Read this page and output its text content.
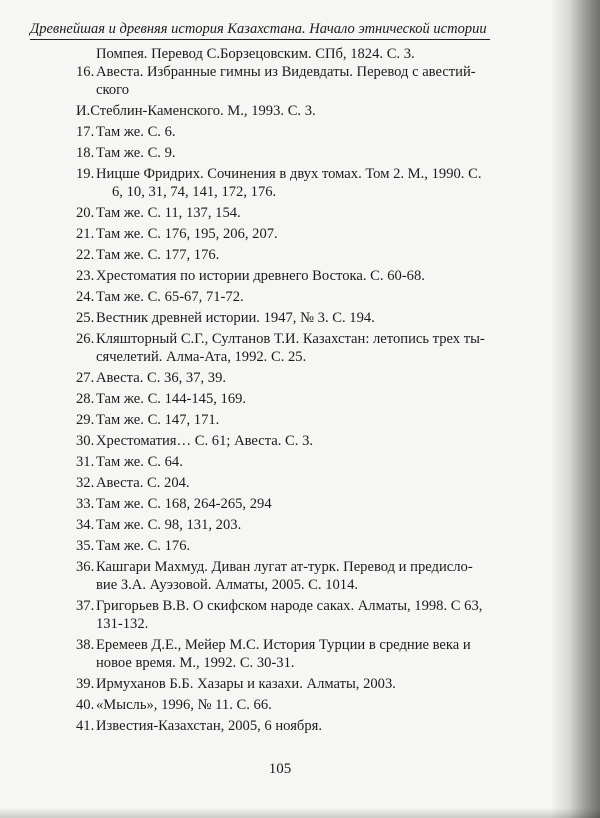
Древнейшая и древняя история Казахстана. Начало этнической истории
Помпея. Перевод С.Борзецовским. СПб, 1824. С. 3.
16. Авеста. Избранные гимны из Видевдаты. Перевод с авестий-
ского
И.Стеблин-Каменского. М., 1993. С. 3.
17. Там же. С. 6.
18. Там же. С. 9.
19. Ницше Фридрих. Сочинения в двух томах. Том 2. М., 1990. С.
6, 10, 31, 74, 141, 172, 176.
20. Там же. С. 11, 137, 154.
21. Там же. С. 176, 195, 206, 207.
22. Там же. С. 177, 176.
23. Хрестоматия по истории древнего Востока. С. 60-68.
24. Там же. С. 65-67, 71-72.
25. Вестник древней истории. 1947, № 3. С. 194.
26. Кляшторный С.Г., Султанов Т.И. Казахстан: летопись трех ты-
сячелетий. Алма-Ата, 1992. С. 25.
27. Авеста. С. 36, 37, 39.
28. Там же. С. 144-145, 169.
29. Там же. С. 147, 171.
30. Хрестоматия… С. 61; Авеста. С. 3.
31. Там же. С. 64.
32. Авеста. С. 204.
33. Там же. С. 168, 264-265, 294
34. Там же. С. 98, 131, 203.
35. Там же. С. 176.
36. Кашгари Махмуд. Диван лугат ат-турк. Перевод и предисло-
вие З.А. Ауэзовой. Алматы, 2005. С. 1014.
37. Григорьев В.В. О скифском народе саках. Алматы, 1998. С 63,
131-132.
38. Еремеев Д.Е., Мейер М.С. История Турции в средние века и
новое время. М., 1992. С. 30-31.
39. Ирмуханов Б.Б. Хазары и казахи. Алматы, 2003.
40. «Мысль», 1996, № 11. С. 66.
41. Известия-Казахстан, 2005, 6 ноября.
105
